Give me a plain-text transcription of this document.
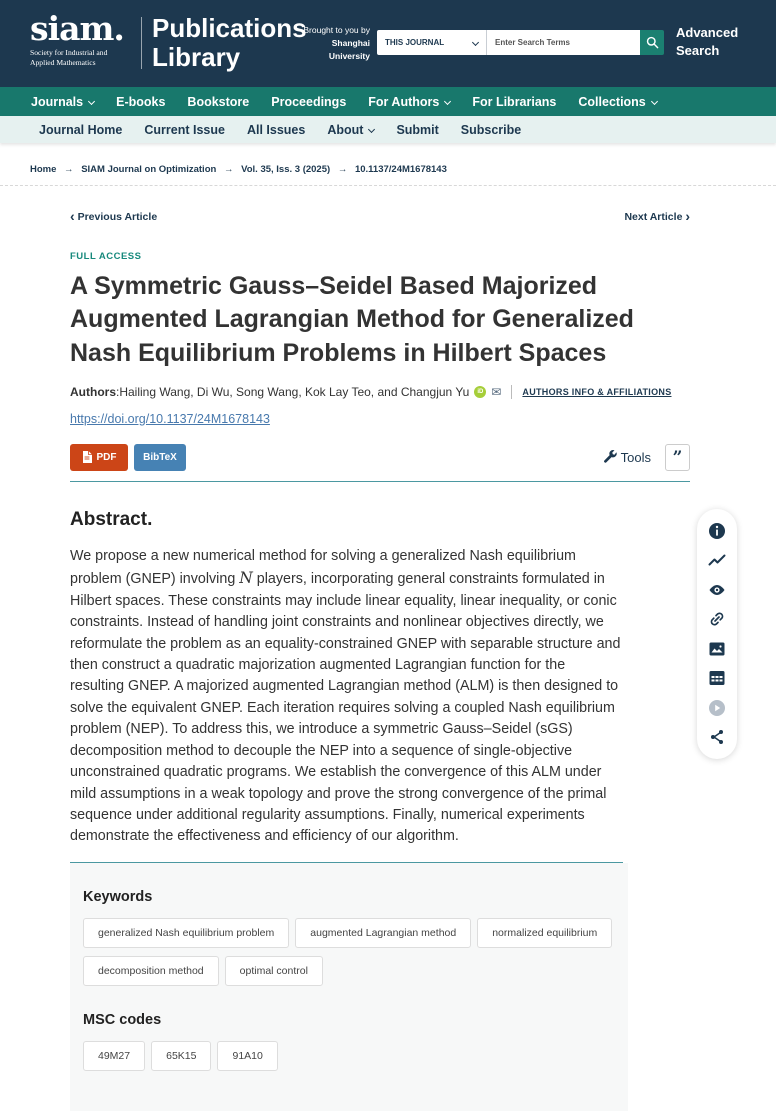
siam.
Society for Industrial and
Applied Mathematics
Publications
Library
Brought to you by Shanghai University
THIS JOURNAL
Enter Search Terms
Advanced
Search
Journals	E-books	Bookstore	Proceedings	For Authors	For Librarians	Collections
Journal Home	Current Issue	All Issues	About	Submit	Subscribe
Home → SIAM Journal on Optimization → Vol. 35, Iss. 3 (2025) → 10.1137/24M1678143
‹ Previous Article	Next Article ›
FULL ACCESS
A Symmetric Gauss–Seidel Based Majorized Augmented Lagrangian Method for Generalized Nash Equilibrium Problems in Hilbert Spaces
Authors : Hailing Wang, Di Wu, Song Wang, Kok Lay Teo, and Changjun Yu	iD ✉ AUTHORS INFO & AFFILIATIONS
https://doi.org/10.1137/24M1678143
PDF	BibTeX	Tools	”
Abstract.

We propose a new numerical method for solving a generalized Nash equilibrium problem (GNEP) involving N players, incorporating general constraints formulated in Hilbert spaces. These constraints may include linear equality, linear inequality, or conic constraints. Instead of handling joint constraints and nonlinear objectives directly, we reformulate the problem as an equality-constrained GNEP with separable structure and then construct a quadratic majorization augmented Lagrangian function for the resulting GNEP. A majorized augmented Lagrangian method (ALM) is then designed to solve the equivalent GNEP. Each iteration requires solving a coupled Nash equilibrium problem (NEP). To address this, we introduce a symmetric Gauss–Seidel (sGS) decomposition method to decouple the NEP into a sequence of single-objective unconstrained quadratic programs. We establish the convergence of this ALM under mild assumptions in a weak topology and prove the strong convergence of the primal sequence under additional regularity assumptions. Finally, numerical experiments demonstrate the effectiveness and efficiency of our algorithm.

Keywords
generalized Nash equilibrium problem	augmented Lagrangian method	normalized equilibrium
decomposition method	optimal control
MSC codes
49M27	65K15	91A10
